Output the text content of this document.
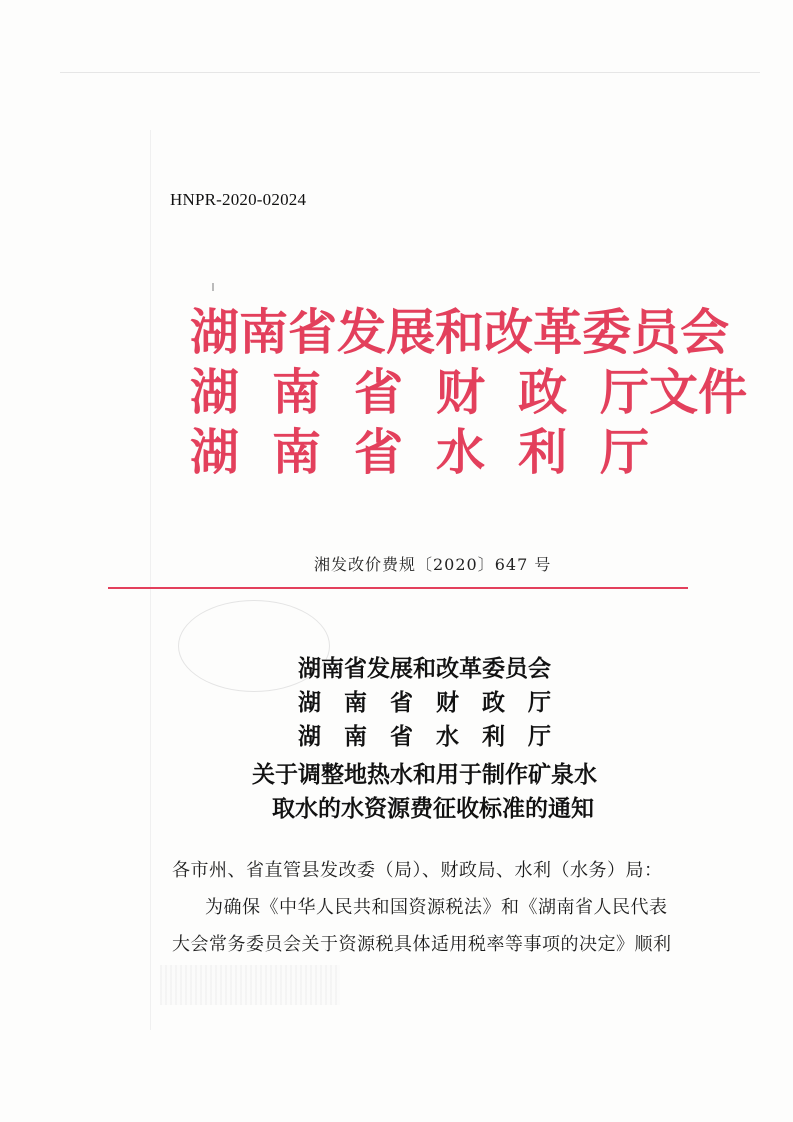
HNPR-2020-02024
湖南省发展和改革委员会
湖 南 省 财 政 厅文件
湖 南 省 水 利 厅
湘发改价费规〔2020〕647 号
湖南省发展和改革委员会
湖　南　省　财　政　厅
湖　南　省　水　利　厅
关于调整地热水和用于制作矿泉水
取水的水资源费征收标准的通知
各市州、省直管县发改委（局）、财政局、水利（水务）局：
为确保《中华人民共和国资源税法》和《湖南省人民代表
大会常务委员会关于资源税具体适用税率等事项的决定》顺利
